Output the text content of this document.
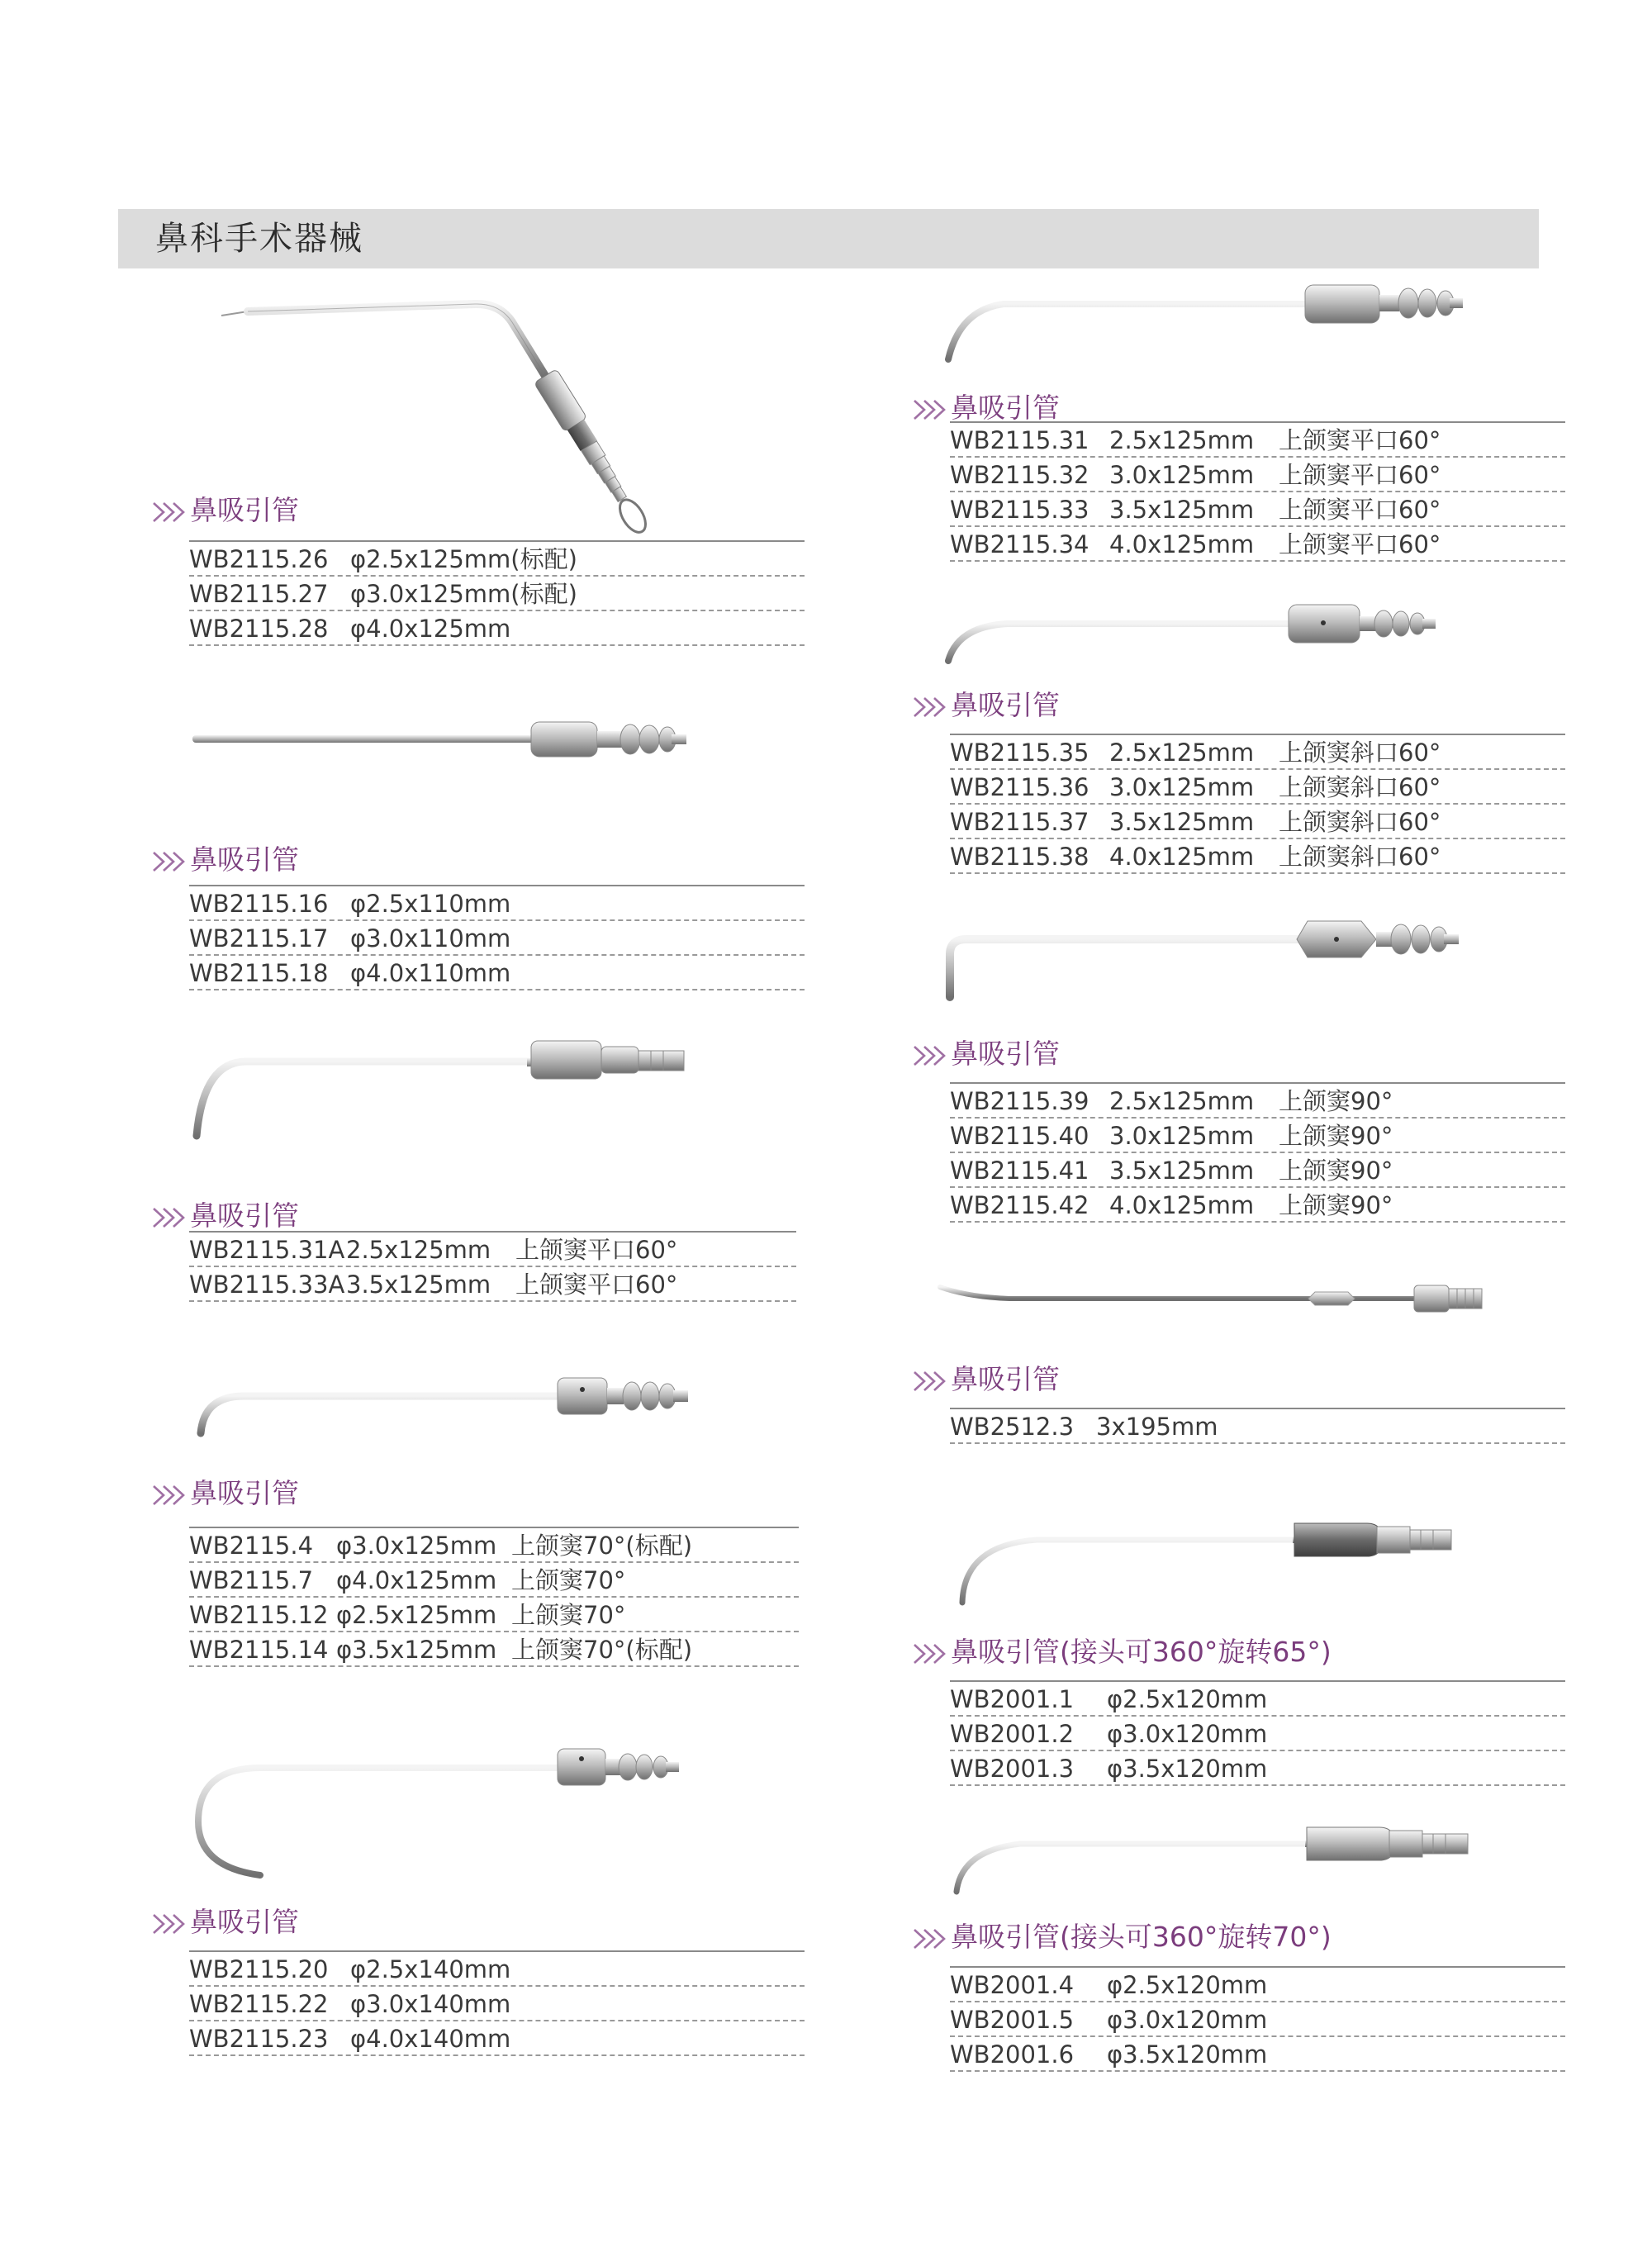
鼻科手术器械
鼻吸引管
WB2115.26 φ2.5x125mm(标配)
WB2115.27 φ3.0x125mm(标配)
WB2115.28 φ4.0x125mm
鼻吸引管
WB2115.16 φ2.5x110mm
WB2115.17 φ3.0x110mm
WB2115.18 φ4.0x110mm
鼻吸引管
WB2115.31A 2.5x125mm 上颌窦平口60°
WB2115.33A 3.5x125mm 上颌窦平口60°
鼻吸引管
WB2115.4 φ3.0x125mm 上颌窦70°(标配)
WB2115.7 φ4.0x125mm 上颌窦70°
WB2115.12 φ2.5x125mm 上颌窦70°
WB2115.14 φ3.5x125mm 上颌窦70°(标配)
鼻吸引管
WB2115.20 φ2.5x140mm
WB2115.22 φ3.0x140mm
WB2115.23 φ4.0x140mm
鼻吸引管
WB2115.31 2.5x125mm 上颌窦平口60°
WB2115.32 3.0x125mm 上颌窦平口60°
WB2115.33 3.5x125mm 上颌窦平口60°
WB2115.34 4.0x125mm 上颌窦平口60°
鼻吸引管
WB2115.35 2.5x125mm 上颌窦斜口60°
WB2115.36 3.0x125mm 上颌窦斜口60°
WB2115.37 3.5x125mm 上颌窦斜口60°
WB2115.38 4.0x125mm 上颌窦斜口60°
鼻吸引管
WB2115.39 2.5x125mm 上颌窦90°
WB2115.40 3.0x125mm 上颌窦90°
WB2115.41 3.5x125mm 上颌窦90°
WB2115.42 4.0x125mm 上颌窦90°
鼻吸引管
WB2512.3 3x195mm
鼻吸引管(接头可360°旋转65°)
WB2001.1 φ2.5x120mm
WB2001.2 φ3.0x120mm
WB2001.3 φ3.5x120mm
鼻吸引管(接头可360°旋转70°)
WB2001.4 φ2.5x120mm
WB2001.5 φ3.0x120mm
WB2001.6 φ3.5x120mm
